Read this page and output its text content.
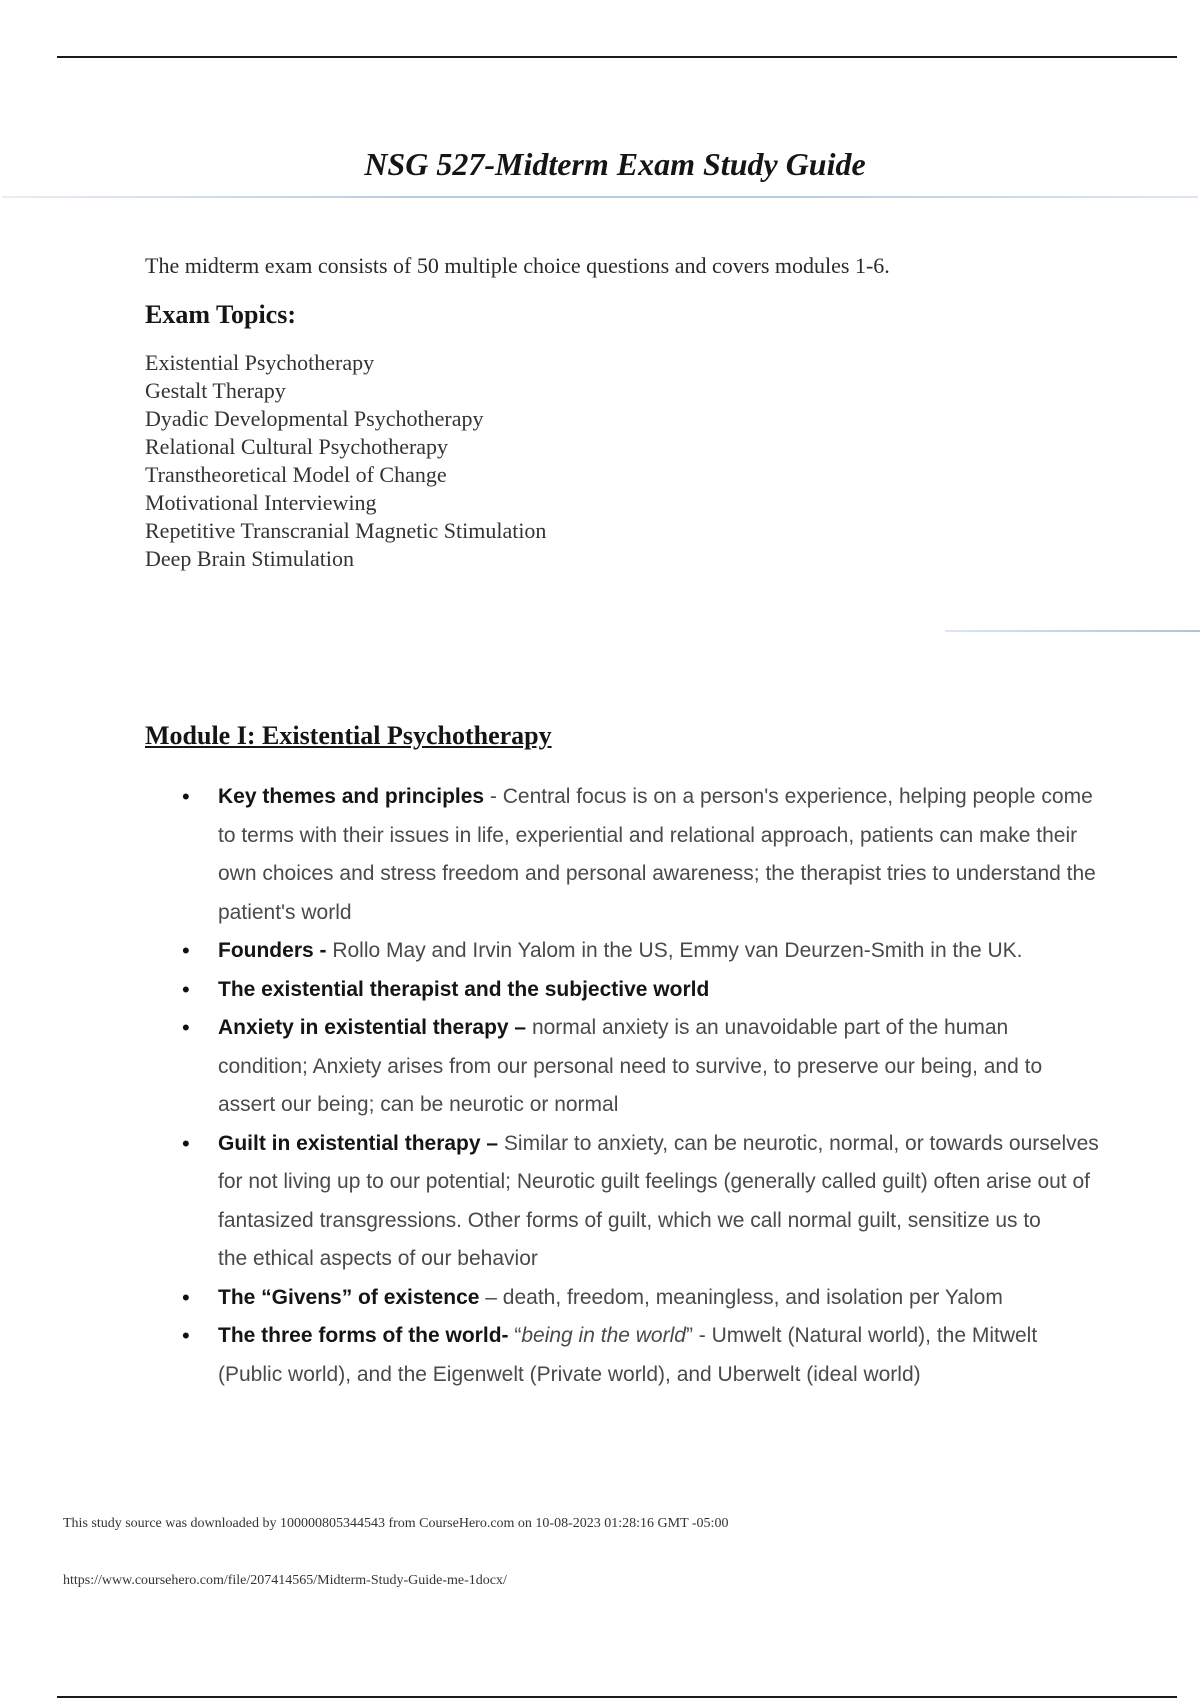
NSG 527-Midterm Exam Study Guide
The midterm exam consists of 50 multiple choice questions and covers modules 1-6.
Exam Topics:
Existential Psychotherapy
Gestalt Therapy
Dyadic Developmental Psychotherapy
Relational Cultural Psychotherapy
Transtheoretical Model of Change
Motivational Interviewing
Repetitive Transcranial Magnetic Stimulation
Deep Brain Stimulation
Module I: Existential Psychotherapy
• Key themes and principles - Central focus is on a person's experience, helping people come to terms with their issues in life, experiential and relational approach, patients can make their own choices and stress freedom and personal awareness; the therapist tries to understand the patient's world
• Founders - Rollo May and Irvin Yalom in the US, Emmy van Deurzen-Smith in the UK.
• The existential therapist and the subjective world
• Anxiety in existential therapy – normal anxiety is an unavoidable part of the human condition; Anxiety arises from our personal need to survive, to preserve our being, and to assert our being; can be neurotic or normal
• Guilt in existential therapy – Similar to anxiety, can be neurotic, normal, or towards ourselves for not living up to our potential; Neurotic guilt feelings (generally called guilt) often arise out of fantasized transgressions. Other forms of guilt, which we call normal guilt, sensitize us to
the ethical aspects of our behavior
• The “Givens” of existence – death, freedom, meaningless, and isolation per Yalom
• The three forms of the world- “being in the world” - Umwelt (Natural world), the Mitwelt (Public world), and the Eigenwelt (Private world), and Uberwelt (ideal world)
This study source was downloaded by 100000805344543 from CourseHero.com on 10-08-2023 01:28:16 GMT -05:00
https://www.coursehero.com/file/207414565/Midterm-Study-Guide-me-1docx/
